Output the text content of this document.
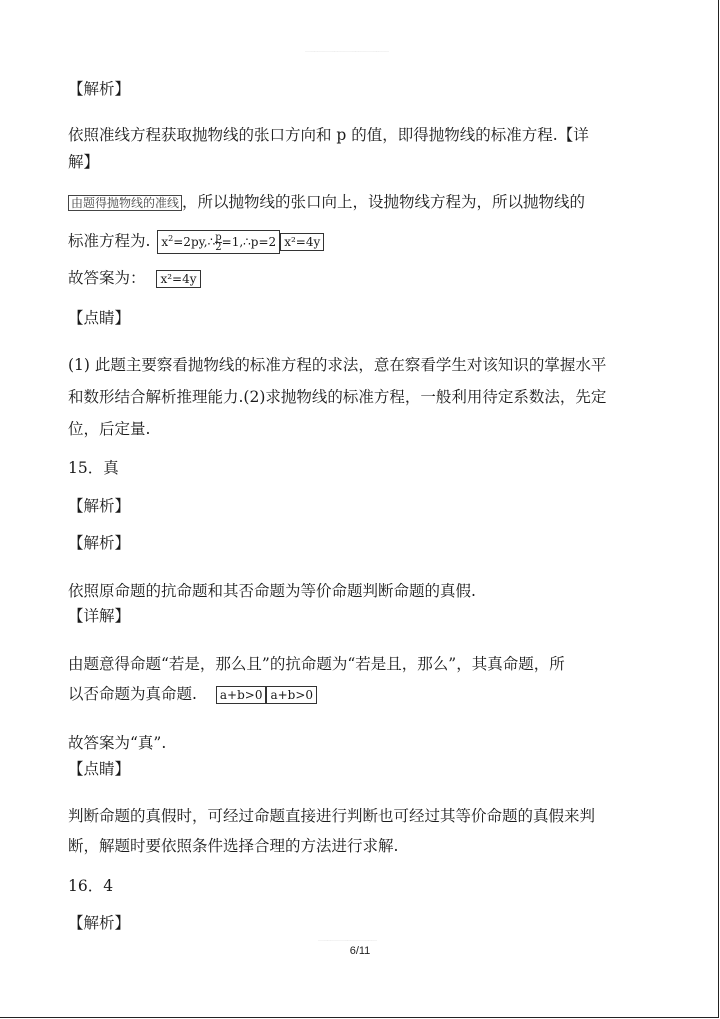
........................................................................................
【解析】
依照准线方程获取抛物线的张口方向和 p 的值，即得抛物线的标准方程.【详
解】
由题得抛物线的准线 ，所以抛物线的张口向上，设抛物线方程为，所以抛物线的
标准方程为. $x^2=2py,\therefore \frac{p}{2}$ =1,∴p=2 x²=4y
故答案为： x²=4y
【点睛】
(1) 此题主要察看抛物线的标准方程的求法，意在察看学生对该知识的掌握水平
和数形结合解析推理能力.(2)求抛物线的标准方程，一般利用待定系数法，先定
位，后定量.
15．真
【解析】
【解析】
依照原命题的抗命题和其否命题为等价命题判断命题的真假.
【详解】
由题意得命题“若是，那么且”的抗命题为“若是且，那么”，其真命题，所
以否命题为真命题. a+b>0 a+b>0
故答案为“真”.
【点睛】
判断命题的真假时，可经过命题直接进行判断也可经过其等价命题的真假来判
断，解题时要依照条件选择合理的方法进行求解.
16．4
【解析】
..............................................................
6/11
